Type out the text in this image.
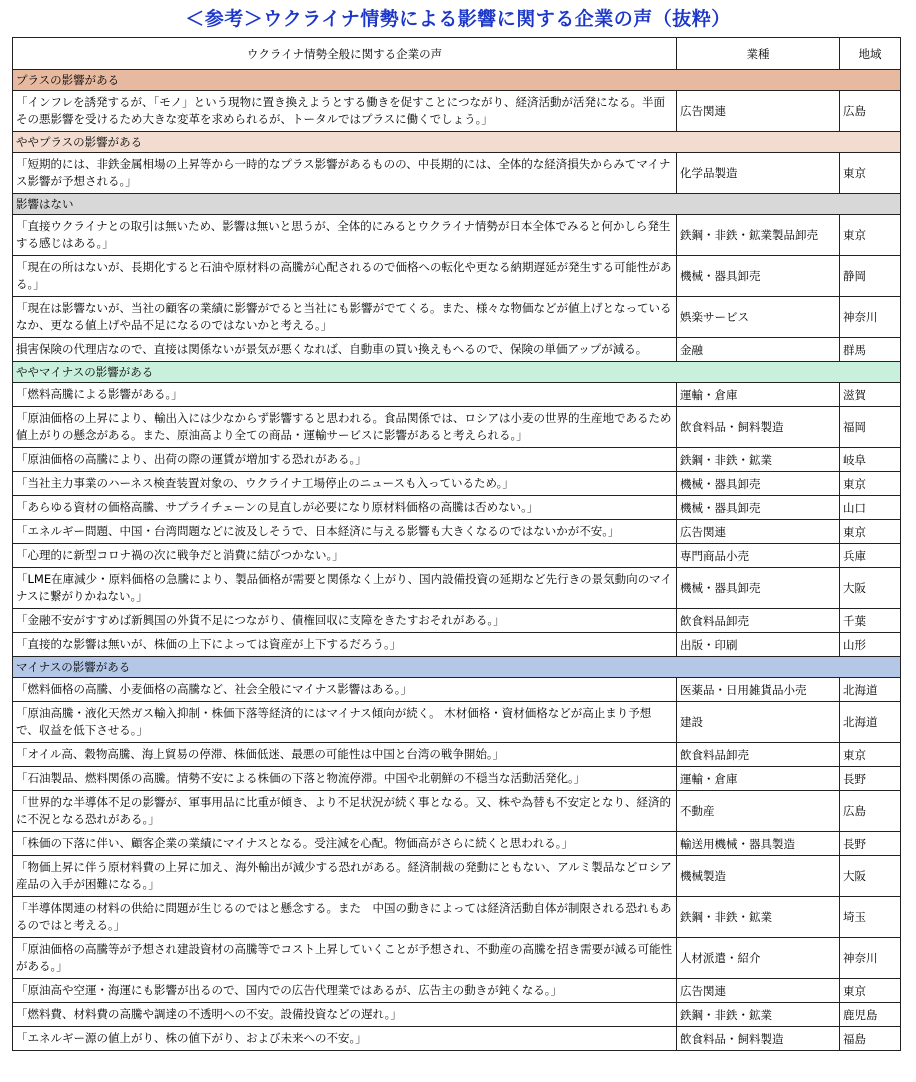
＜参考＞ウクライナ情勢による影響に関する企業の声（抜粋）
ウクライナ情勢全般に関する企業の声	業種	地域
プラスの影響がある		
「インフレを誘発するが、「モノ」という現物に置き換えようとする働きを促すことにつながり、経済活動が活発になる。半面その悪影響を受けるため大きな変革を求められるが、トータルではプラスに働くでしょう。」	広告関連	広島
ややプラスの影響がある		
「短期的には、非鉄金属相場の上昇等から一時的なプラス影響があるものの、中長期的には、全体的な経済損失からみてマイナス影響が予想される。」	化学品製造	東京
影響はない		
「直接ウクライナとの取引は無いため、影響は無いと思うが、全体的にみるとウクライナ情勢が日本全体でみると何かしら発生する感じはある。」	鉄鋼・非鉄・鉱業製品卸売	東京
「現在の所はないが、長期化すると石油や原材料の高騰が心配されるので価格への転化や更なる納期遅延が発生する可能性がある。」	機械・器具卸売	静岡
「現在は影響ないが、当社の顧客の業績に影響がでると当社にも影響がでてくる。また、様々な物価などが値上げとなっているなか、更なる値上げや品不足になるのではないかと考える。」	娯楽サービス	神奈川
損害保険の代理店なので、直接は関係ないが景気が悪くなれば、自動車の買い換えもへるので、保険の単価アップが減る。	金融	群馬
ややマイナスの影響がある		
「燃料高騰による影響がある。」	運輸・倉庫	滋賀
「原油価格の上昇により、輸出入には少なからず影響すると思われる。食品関係では、ロシアは小麦の世界的生産地であるため値上がりの懸念がある。また、原油高より全ての商品・運輸サービスに影響があると考えられる。」	飲食料品・飼料製造	福岡
「原油価格の高騰により、出荷の際の運賃が増加する恐れがある。」	鉄鋼・非鉄・鉱業	岐阜
「当社主力事業のハーネス検査装置対象の、ウクライナ工場停止のニュースも入っているため。」	機械・器具卸売	東京
「あらゆる資材の価格高騰、サプライチェーンの見直しが必要になり原材料価格の高騰は否めない。」	機械・器具卸売	山口
「エネルギー問題、中国・台湾問題などに波及しそうで、日本経済に与える影響も大きくなるのではないかが不安。」	広告関連	東京
「心理的に新型コロナ禍の次に戦争だと消費に結びつかない。」	専門商品小売	兵庫
「LME在庫減少・原料価格の急騰により、製品価格が需要と関係なく上がり、国内設備投資の延期など先行きの景気動向のマイナスに繋がりかねない。」	機械・器具卸売	大阪
「金融不安がすすめば新興国の外貨不足につながり、債権回収に支障をきたすおそれがある。」	飲食料品卸売	千葉
「直接的な影響は無いが、株価の上下によっては資産が上下するだろう。」	出版・印刷	山形
マイナスの影響がある		
「燃料価格の高騰、小麦価格の高騰など、社会全般にマイナス影響はある。」	医薬品・日用雑貨品小売	北海道
「原油高騰・液化天然ガス輸入抑制・株価下落等経済的にはマイナス傾向が続く。 木材価格・資材価格などが高止まり予想で、収益を低下させる。」	建設	北海道
「オイル高、穀物高騰、海上貿易の停滞、株価低迷、最悪の可能性は中国と台湾の戦争開始。」	飲食料品卸売	東京
「石油製品、燃料関係の高騰。情勢不安による株価の下落と物流停滞。中国や北朝鮮の不穏当な活動活発化。」	運輸・倉庫	長野
「世界的な半導体不足の影響が、軍事用品に比重が傾き、より不足状況が続く事となる。又、株や為替も不安定となり、経済的に不況となる恐れがある。」	不動産	広島
「株価の下落に伴い、顧客企業の業績にマイナスとなる。受注減を心配。物価高がさらに続くと思われる。」	輸送用機械・器具製造	長野
「物価上昇に伴う原材料費の上昇に加え、海外輸出が減少する恐れがある。経済制裁の発動にともない、アルミ製品などロシア産品の入手が困難になる。」	機械製造	大阪
「半導体関連の材料の供給に問題が生じるのではと懸念する。また　中国の動きによっては経済活動自体が制限される恐れもあるのではと考える。」	鉄鋼・非鉄・鉱業	埼玉
「原油価格の高騰等が予想され建設資材の高騰等でコスト上昇していくことが予想され、不動産の高騰を招き需要が減る可能性がある。」	人材派遣・紹介	神奈川
「原油高や空運・海運にも影響が出るので、国内での広告代理業ではあるが、広告主の動きが鈍くなる。」	広告関連	東京
「燃料費、材料費の高騰や調達の不透明への不安。設備投資などの遅れ。」	鉄鋼・非鉄・鉱業	鹿児島
「エネルギー源の値上がり、株の値下がり、および未来への不安。」	飲食料品・飼料製造	福島
